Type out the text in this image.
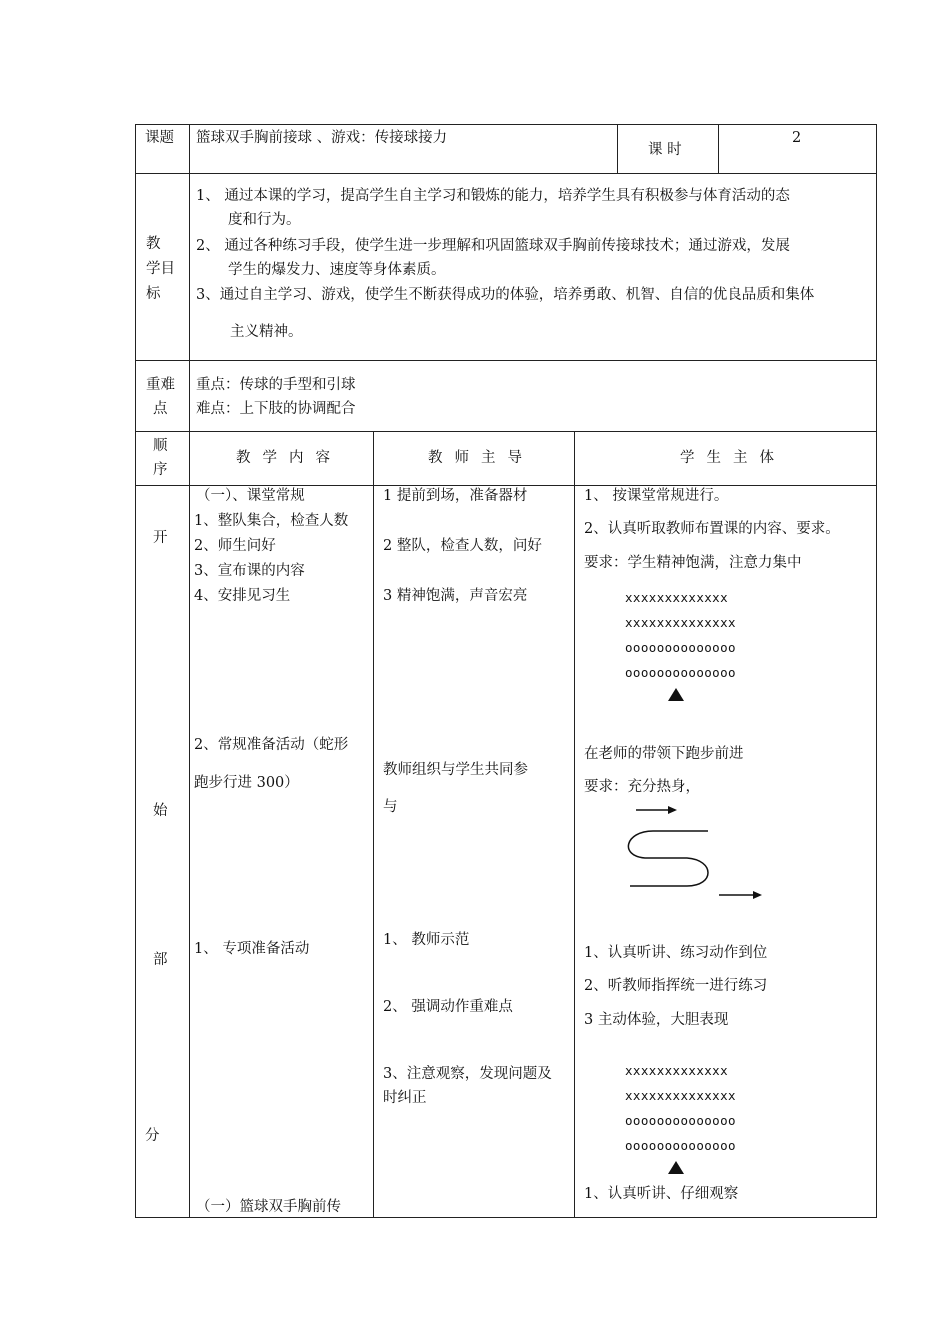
课题 篮球双手胸前接球 、游戏：传接球接力
课 时
2
教
学目
标
1、 通过本课的学习，提高学生自主学习和锻炼的能力，培养学生具有积极参与体育活动的态
度和行为。
2、 通过各种练习手段，使学生进一步理解和巩固篮球双手胸前传接球技术；通过游戏，发展
学生的爆发力、速度等身体素质。
3、通过自主学习、游戏，使学生不断获得成功的体验，培养勇敢、机智、自信的优良品质和集体
主义精神。
重难
点
重点：传球的手型和引球
难点：上下肢的协调配合
顺
序
教学内容	教师主导	学生主体
开
始
部
分
（一）、课堂常规
1、整队集合，检查人数
2、师生问好
3、宣布课的内容
4、安排见习生
2、常规准备活动（蛇形
跑步行进 300）
1、 专项准备活动
（一）篮球双手胸前传
1 提前到场，准备器材
2 整队，检查人数，问好
3 精神饱满，声音宏亮
教师组织与学生共同参
与
1、 教师示范
2、 强调动作重难点
3、注意观察，发现问题及
时纠正
1、 按课堂常规进行。
2、认真听取教师布置课的内容、要求。
要求：学生精神饱满，注意力集中
xxxxxxxxxxxxx
xxxxxxxxxxxxxx
oooooooooooooo
oooooooooooooo
在老师的带领下跑步前进
要求：充分热身，
1、认真听讲、练习动作到位
2、听教师指挥统一进行练习
3 主动体验，大胆表现
xxxxxxxxxxxxx
xxxxxxxxxxxxxx
oooooooooooooo
oooooooooooooo
1、认真听讲、仔细观察
